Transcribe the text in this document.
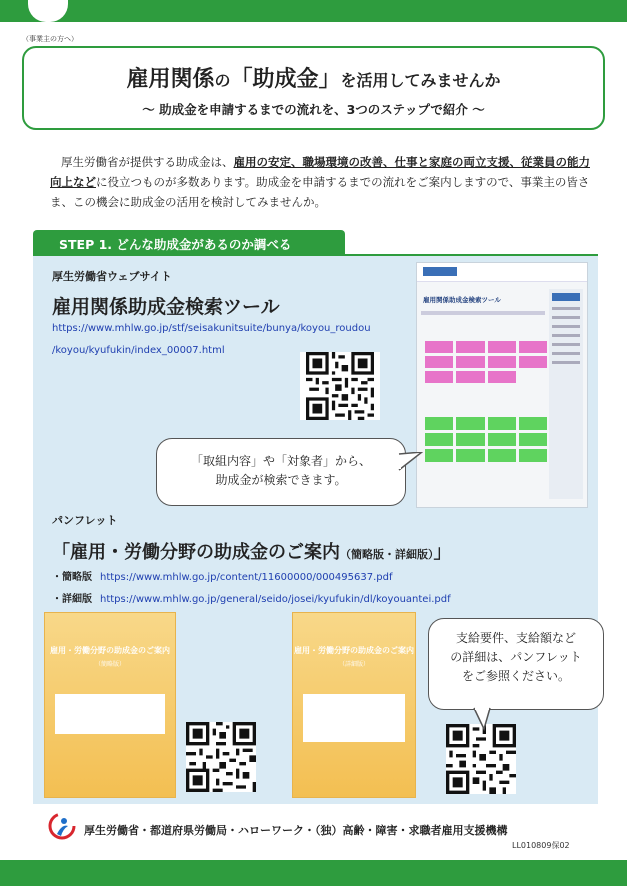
（事業主の方へ）
雇用関係の「助成金」を活用してみませんか
〜 助成金を申請するまでの流れを、3つのステップで紹介 〜
厚生労働省が提供する助成金は、雇用の安定、職場環境の改善、仕事と家庭の両立支援、従業員の能力向上などに役立つものが多数あります。助成金を申請するまでの流れをご案内しますので、事業主の皆さま、この機会に助成金の活用を検討してみませんか。
STEP 1. どんな助成金があるのか調べる
厚生労働省ウェブサイト
雇用関係助成金検索ツール
https://www.mhlw.go.jp/stf/seisakunitsuite/bunya/koyou_roudou
/koyou/kyufukin/index_00007.html
雇用関係助成金検索ツール
「取組内容」や「対象者」から、
助成金が検索できます。
パンフレット
「雇用・労働分野の助成金のご案内（簡略版・詳細版）」
・簡略版 https://www.mhlw.go.jp/content/11600000/000495637.pdf
・詳細版 https://www.mhlw.go.jp/general/seido/josei/kyufukin/dl/koyouantei.pdf
雇用・労働分野の助成金のご案内
（簡略版）
雇用・労働分野の助成金のご案内
（詳細版）
支給要件、支給額など
の詳細は、パンフレット
をご参照ください。
厚生労働省・都道府県労働局・ハローワーク・（独）高齢・障害・求職者雇用支援機構
LL010809保02
